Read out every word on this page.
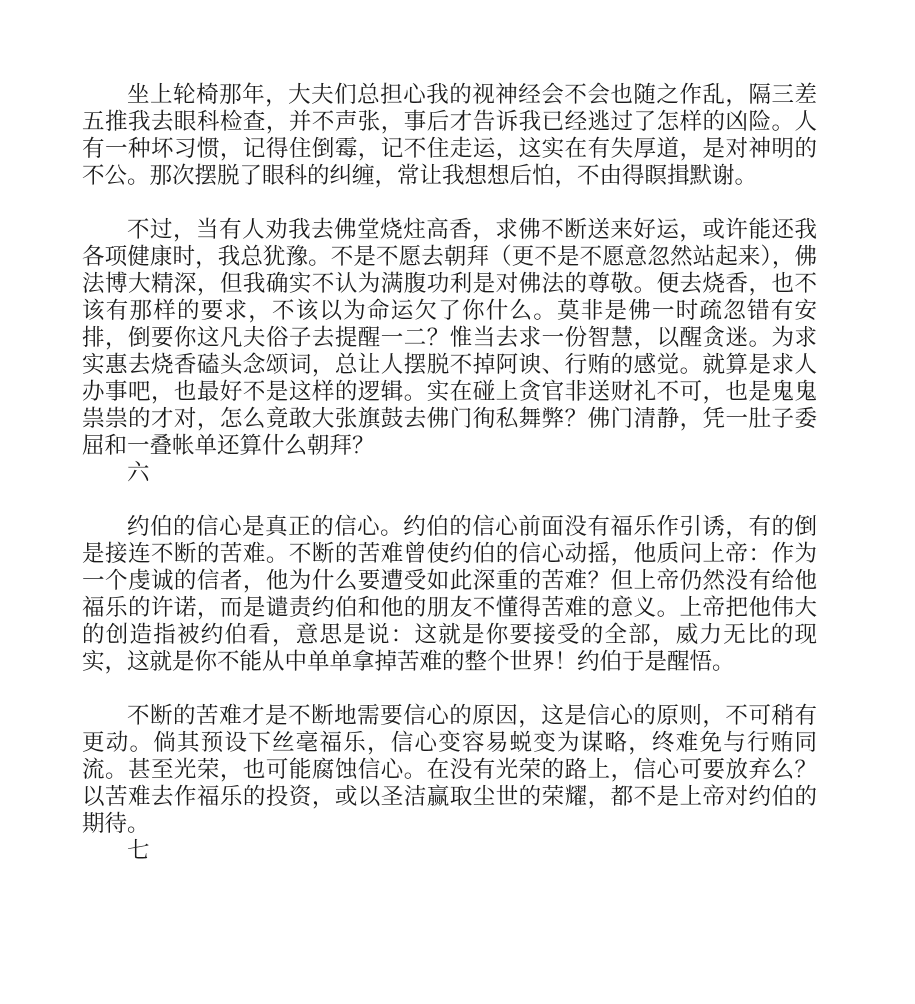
坐上轮椅那年，大夫们总担心我的视神经会不会也随之作乱，隔三差五推我去眼科检查，并不声张，事后才告诉我已经逃过了怎样的凶险。人有一种坏习惯，记得住倒霉，记不住走运，这实在有失厚道，是对神明的不公。那次摆脱了眼科的纠缠，常让我想想后怕，不由得瞑揖默谢。

不过，当有人劝我去佛堂烧炷高香，求佛不断送来好运，或许能还我各项健康时，我总犹豫。不是不愿去朝拜（更不是不愿意忽然站起来），佛法博大精深，但我确实不认为满腹功利是对佛法的尊敬。便去烧香，也不该有那样的要求，不该以为命运欠了你什么。莫非是佛一时疏忽错有安排，倒要你这凡夫俗子去提醒一二？惟当去求一份智慧，以醒贪迷。为求实惠去烧香磕头念颂词，总让人摆脱不掉阿谀、行贿的感觉。就算是求人办事吧，也最好不是这样的逻辑。实在碰上贪官非送财礼不可，也是鬼鬼祟祟的才对，怎么竟敢大张旗鼓去佛门徇私舞弊？佛门清静，凭一肚子委屈和一叠帐单还算什么朝拜？

六

约伯的信心是真正的信心。约伯的信心前面没有福乐作引诱，有的倒是接连不断的苦难。不断的苦难曾使约伯的信心动摇，他质问上帝：作为一个虔诚的信者，他为什么要遭受如此深重的苦难？但上帝仍然没有给他福乐的许诺，而是谴责约伯和他的朋友不懂得苦难的意义。上帝把他伟大的创造指被约伯看，意思是说：这就是你要接受的全部，威力无比的现实，这就是你不能从中单单拿掉苦难的整个世界！约伯于是醒悟。

不断的苦难才是不断地需要信心的原因，这是信心的原则，不可稍有更动。倘其预设下丝毫福乐，信心变容易蜕变为谋略，终难免与行贿同流。甚至光荣，也可能腐蚀信心。在没有光荣的路上，信心可要放弃么？以苦难去作福乐的投资，或以圣洁赢取尘世的荣耀，都不是上帝对约伯的期待。

七
